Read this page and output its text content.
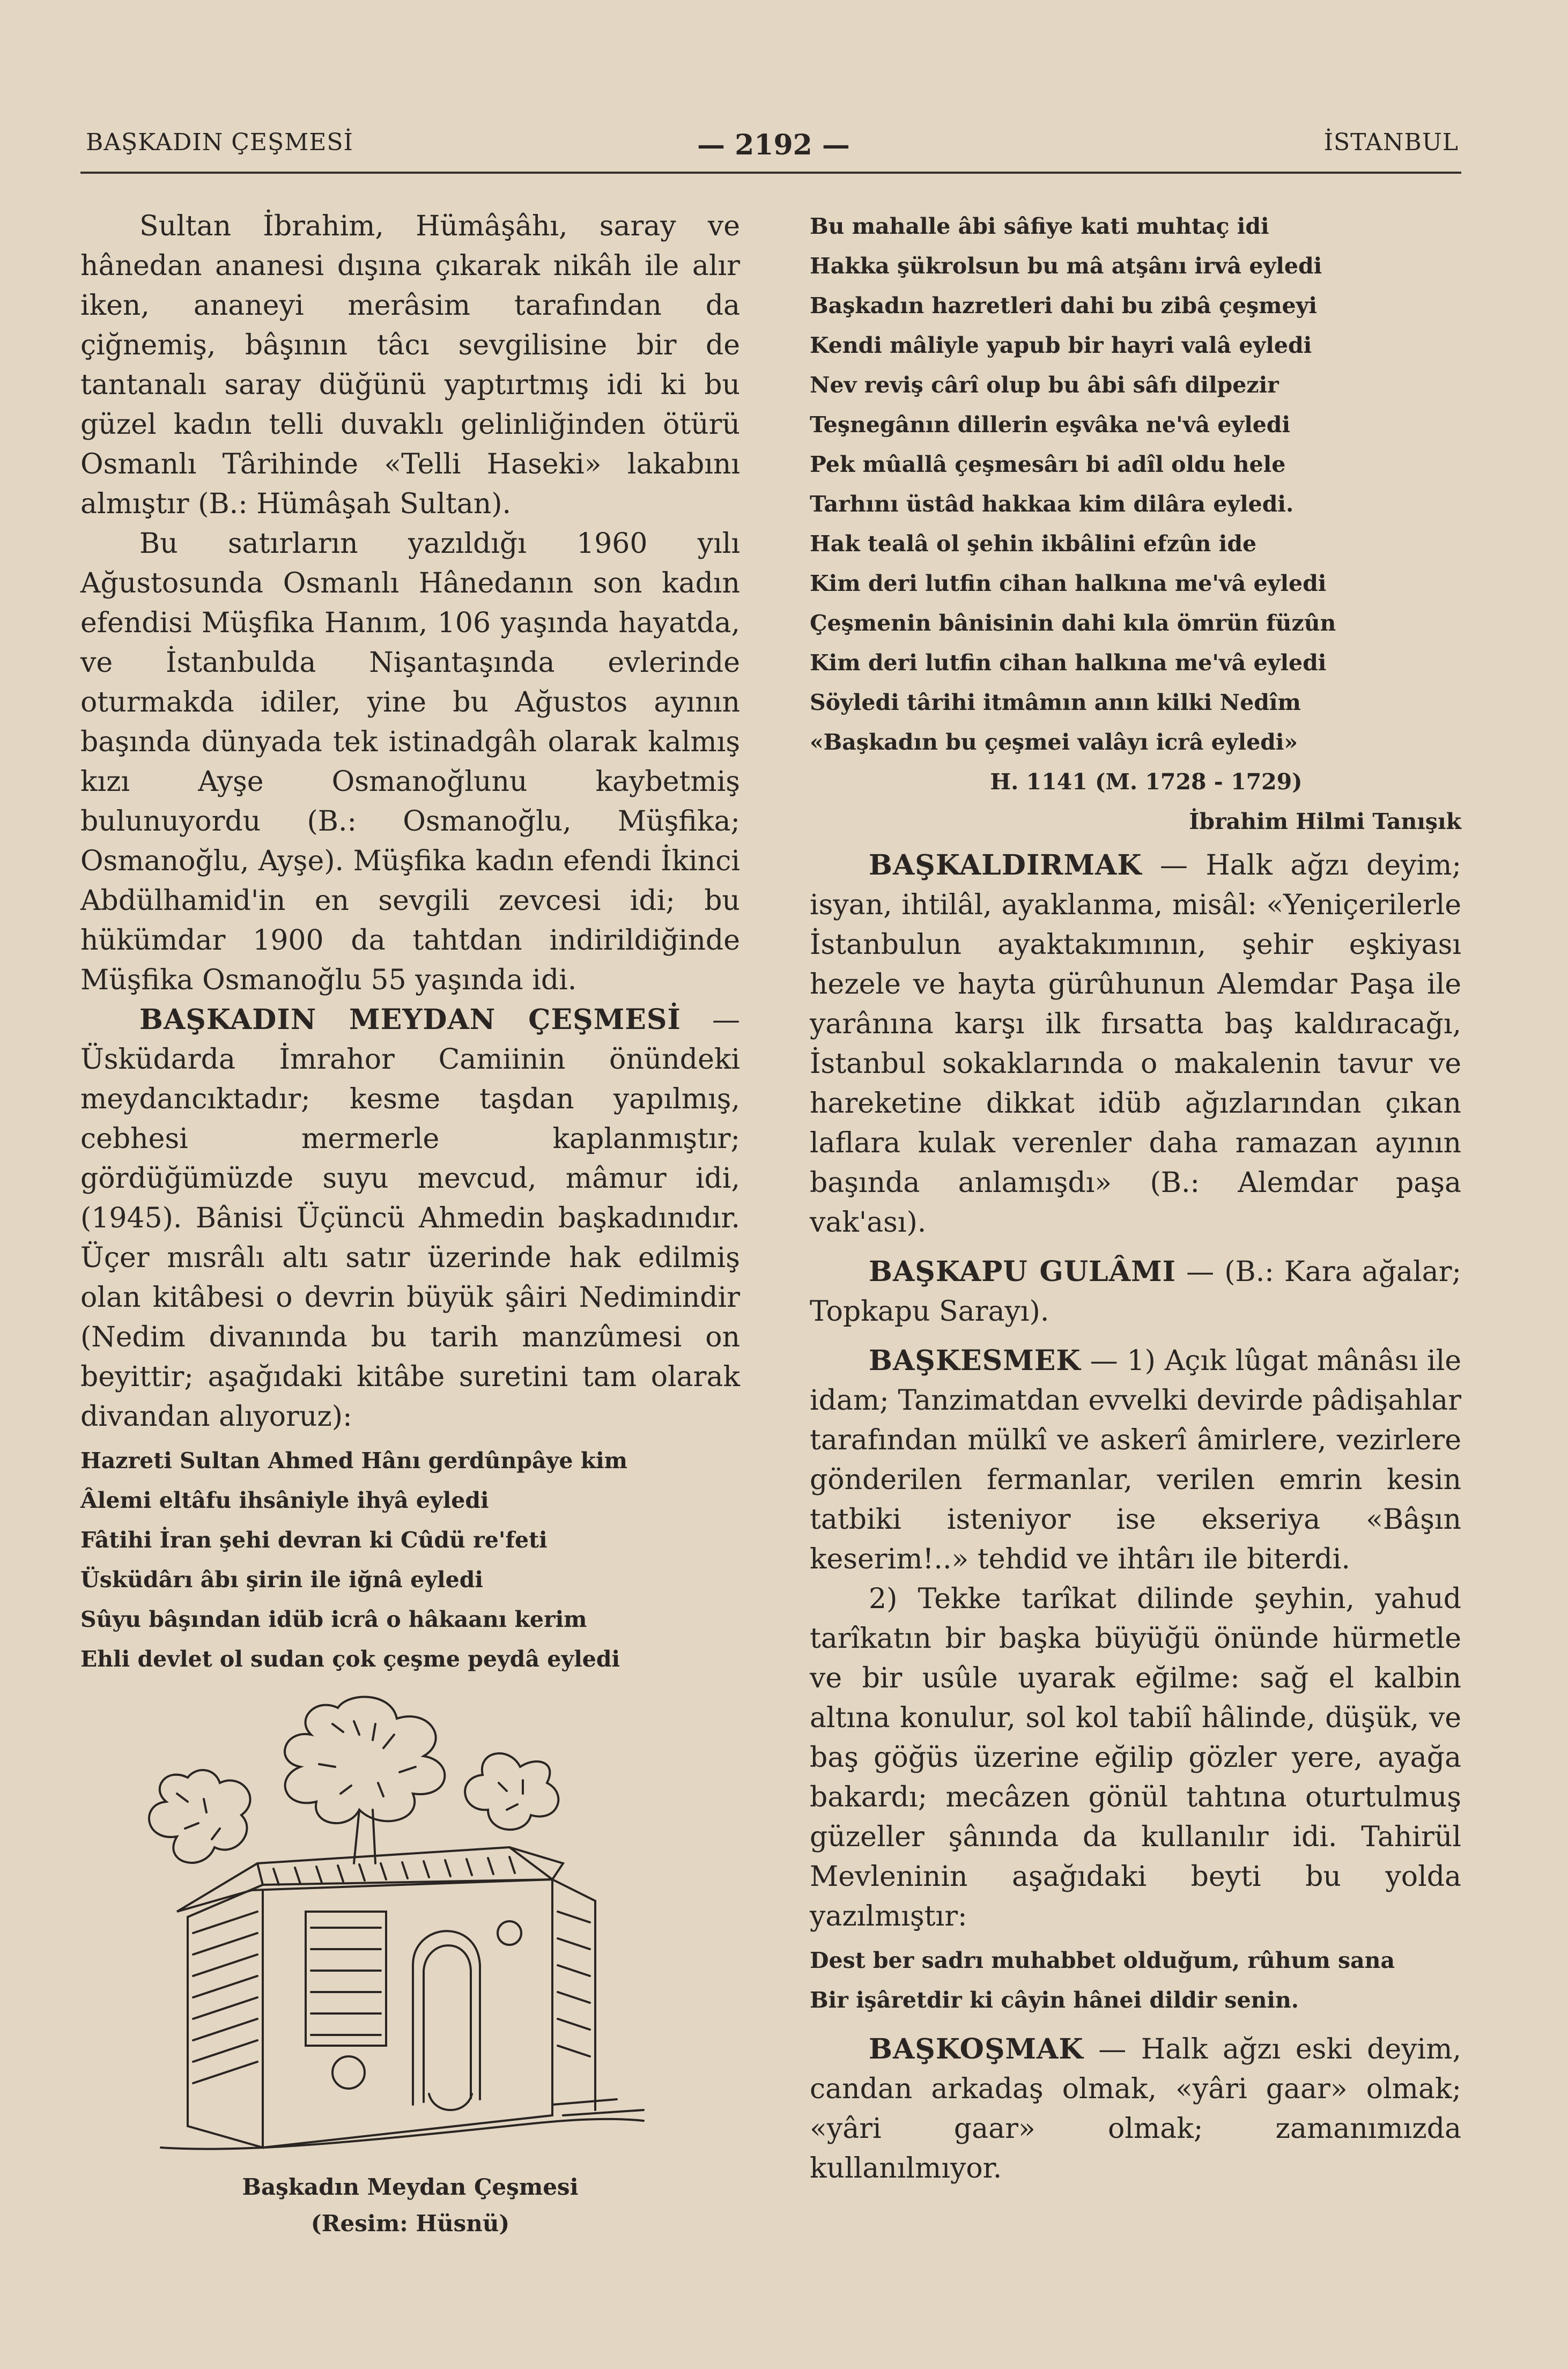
BAŞKADIN ÇEŞMESİ	— 2192 —	İSTANBUL

Sultan İbrahim, Hümâşâhı, saray ve hânedan ananesi dışına çıkarak nikâh ile alır iken, ananeyi merâsim tarafından da çiğnemiş, bâşının tâcı sevgilisine bir de tantanalı saray düğünü yaptırtmış idi ki bu güzel kadın telli duvaklı gelinliğinden ötürü Osmanlı Târihinde «Telli Haseki» lakabını almıştır (B.: Hümâşah Sultan).

Bu satırların yazıldığı 1960 yılı Ağustosunda Osmanlı Hânedanın son kadın efendisi Müşfika Hanım, 106 yaşında hayatda, ve İstanbulda Nişantaşında evlerinde oturmakda idiler, yine bu Ağustos ayının başında dünyada tek istinadgâh olarak kalmış kızı Ayşe Osmanoğlunu kaybetmiş bulunuyordu (B.: Osmanoğlu, Müşfika; Osmanoğlu, Ayşe). Müşfika kadın efendi İkinci Abdülhamid'in en sevgili zevcesi idi; bu hükümdar 1900 da tahtdan indirildiğinde Müşfika Osmanoğlu 55 yaşında idi.

BAŞKADIN MEYDAN ÇEŞMESİ — Üsküdarda İmrahor Camiinin önündeki meydancıktadır; kesme taşdan yapılmış, cebhesi mermerle kaplanmıştır; gördüğümüzde suyu mevcud, mâmur idi, (1945). Bânisi Üçüncü Ahmedin başkadınıdır. Üçer mısrâlı altı satır üzerinde hak edilmiş olan kitâbesi o devrin büyük şâiri Nedimindir (Nedim divanında bu tarih manzûmesi on beyittir; aşağıdaki kitâbe suretini tam olarak divandan alıyoruz):

Hazreti Sultan Ahmed Hânı gerdûnpâye kim

Âlemi eltâfu ihsâniyle ihyâ eyledi

Fâtihi İran şehi devran ki Cûdü re'feti

Üsküdârı âbı şirin ile iğnâ eyledi

Sûyu bâşından idüb icrâ o hâkaanı kerim

Ehli devlet ol sudan çok çeşme peydâ eyledi

Başkadın Meydan Çeşmesi

(Resim: Hüsnü)

Bu mahalle âbi sâfiye kati muhtaç idi

Hakka şükrolsun bu mâ atşânı irvâ eyledi

Başkadın hazretleri dahi bu zibâ çeşmeyi

Kendi mâliyle yapub bir hayri valâ eyledi

Nev reviş cârî olup bu âbi sâfı dilpezir

Teşnegânın dillerin eşvâka ne'vâ eyledi

Pek mûallâ çeşmesârı bi adîl oldu hele

Tarhını üstâd hakkaa kim dilâra eyledi.

Hak tealâ ol şehin ikbâlini efzûn ide

Kim deri lutfin cihan halkına me'vâ eyledi

Çeşmenin bânisinin dahi kıla ömrün füzûn

Kim deri lutfin cihan halkına me'vâ eyledi

Söyledi târihi itmâmın anın kilki Nedîm

«Başkadın bu çeşmei valâyı icrâ eyledi»

H. 1141 (M. 1728 - 1729)

İbrahim Hilmi Tanışık

BAŞKALDIRMAK — Halk ağzı deyim; isyan, ihtilâl, ayaklanma, misâl: «Yeniçerilerle İstanbulun ayaktakımının, şehir eşkiyası hezele ve hayta gürûhunun Alemdar Paşa ile yarânına karşı ilk fırsatta baş kaldıracağı, İstanbul sokaklarında o makalenin tavur ve hareketine dikkat idüb ağızlarından çıkan laflara kulak verenler daha ramazan ayının başında anlamışdı» (B.: Alemdar paşa vak'ası).

BAŞKAPU GULÂMI — (B.: Kara ağalar; Topkapu Sarayı).

BAŞKESMEK — 1) Açık lûgat mânâsı ile idam; Tanzimatdan evvelki devirde pâdişahlar tarafından mülkî ve askerî âmirlere, vezirlere gönderilen fermanlar, verilen emrin kesin tatbiki isteniyor ise ekseriya «Bâşın keserim!..» tehdid ve ihtârı ile biterdi.

2) Tekke tarîkat dilinde şeyhin, yahud tarîkatın bir başka büyüğü önünde hürmetle ve bir usûle uyarak eğilme: sağ el kalbin altına konulur, sol kol tabiî hâlinde, düşük, ve baş göğüs üzerine eğilip gözler yere, ayağa bakardı; mecâzen gönül tahtına oturtulmuş güzeller şânında da kullanılır idi. Tahirül Mevleninin aşağıdaki beyti bu yolda yazılmıştır:

Dest ber sadrı muhabbet olduğum, rûhum sana

Bir işâretdir ki câyin hânei dildir senin.

BAŞKOŞMAK — Halk ağzı eski deyim, candan arkadaş olmak, «yâri gaar» olmak; «yâri gaar» olmak; zamanımızda kullanılmıyor.
